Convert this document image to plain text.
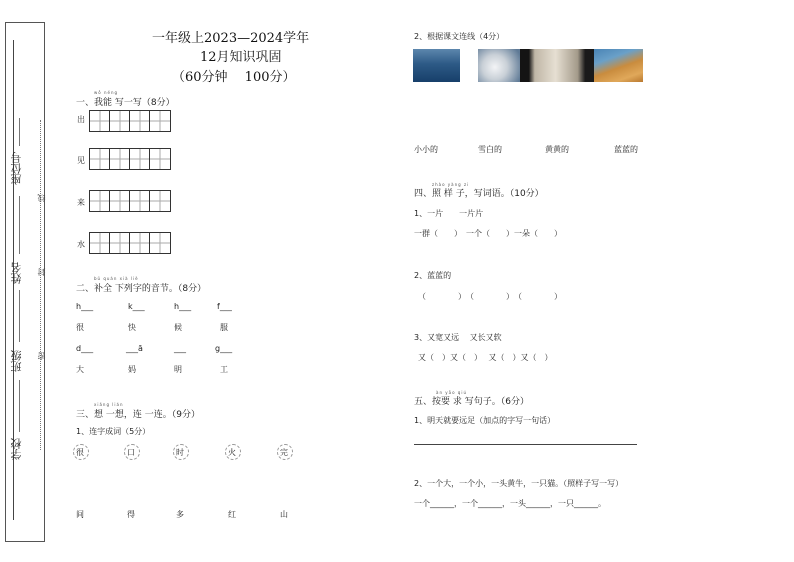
线
封
密
学校
班级
姓名
座位号
一年级上2023—2024学年
12月知识巩固
（60分钟　 100分）
wǒ néng
一、我能 写一写（8分）
出
见
来
水
bǔ quán xià liè
二、补全 下列字的音节。（8分）
h___	k___	h___	f___
很	快	候	服
d___	___ā	___	g___
大	妈	明	工
xiǎng lián
三、想 一想，连 一连。（9分）
1、连字成词（5分）
很	口	时	火	完
间	得	多	红	山
2、根据课文连线（4分）
小小的	雪白的	黄黄的	蓝蓝的
zhào yàng zi
四、照 样 子，写词语。（10分）
1、一片　　一片片
一群（　　）　一个（　　）一朵（　　）
2、蓝蓝的
（　　　　）　（　　　　）　（　　　　）
3、又宽又远　 又长又软
又（　）又（　）　 又（　）又（　）
àn yāo qiú
五、按要 求 写句子。（6分）
1、明天就要远足（加点的字写一句话）
2、一个大，一个小，一头黄牛，一只猫。（照样子写一写）
一个______，一个______，一头______，一只______。
